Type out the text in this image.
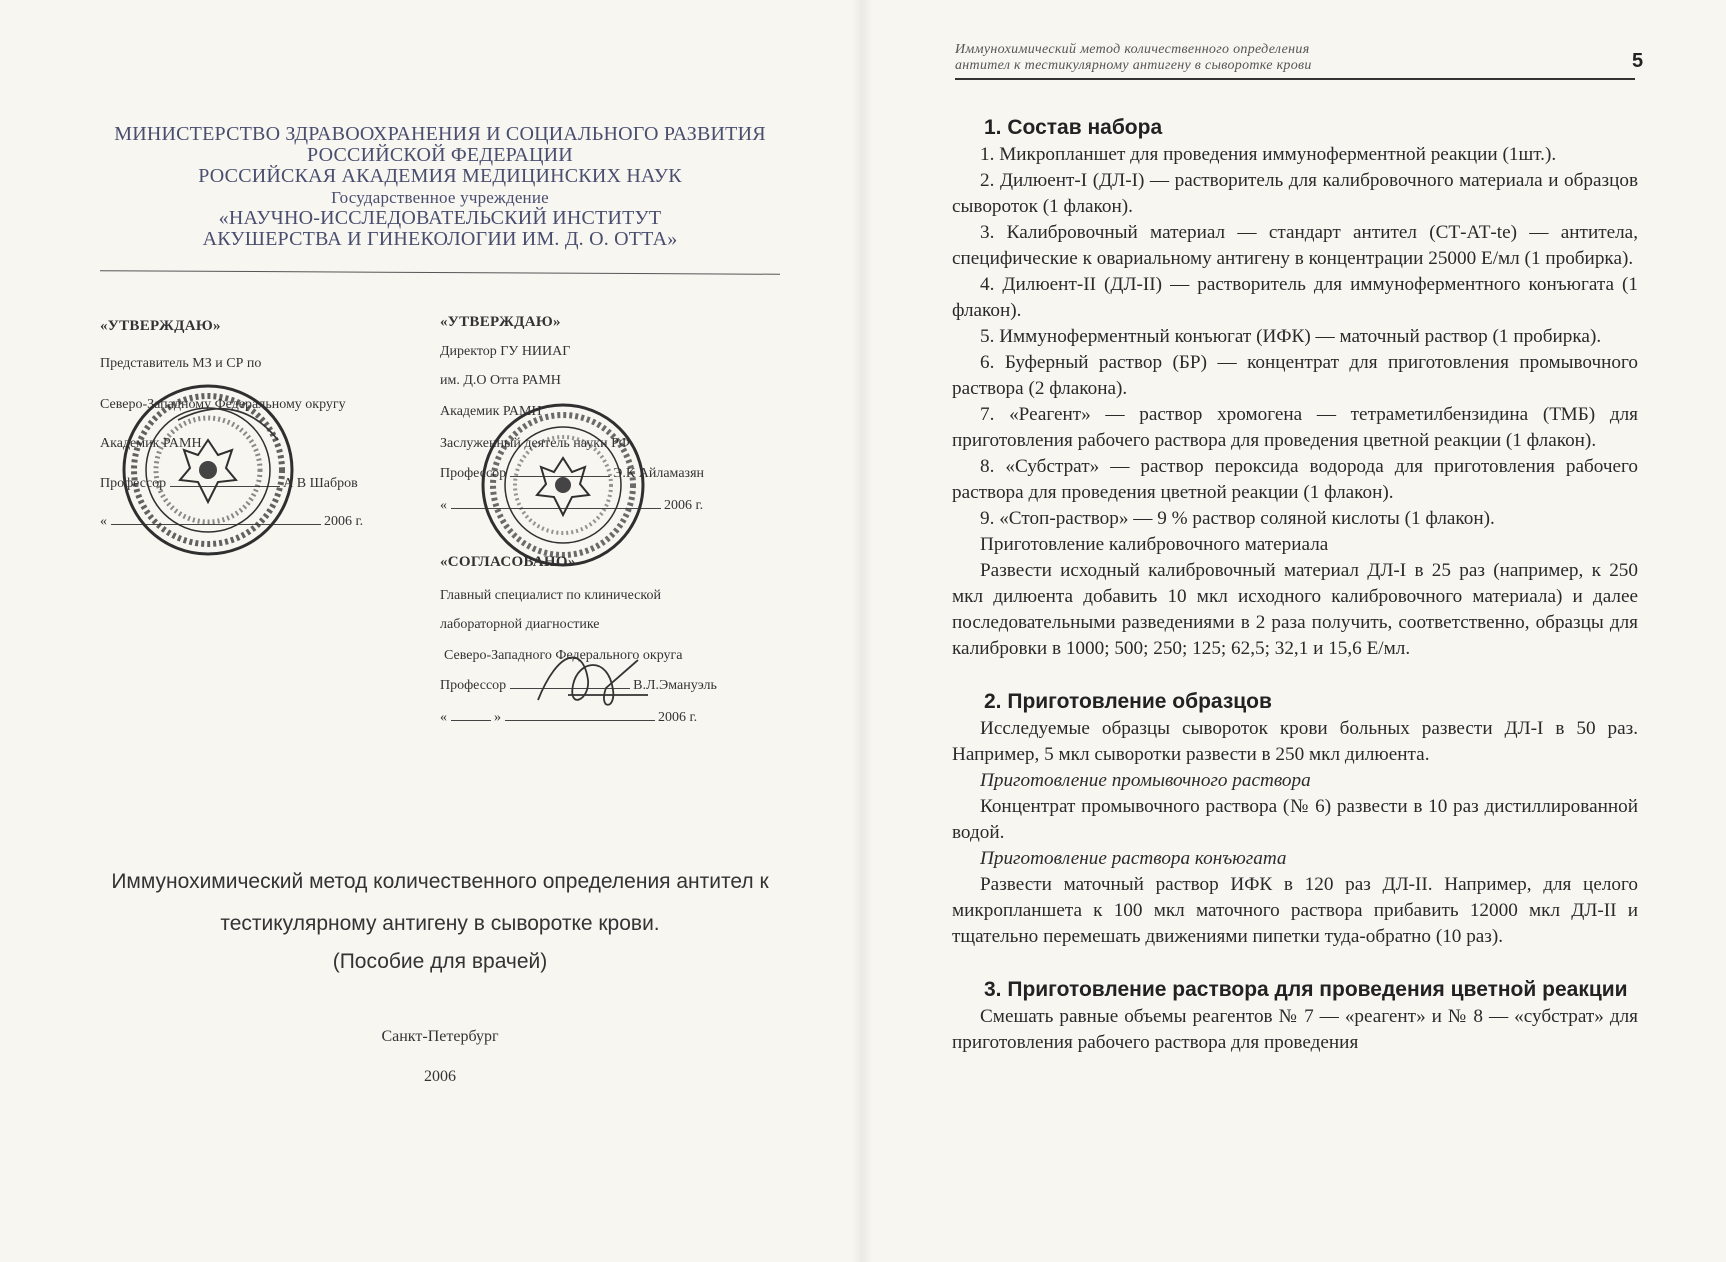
МИНИСТЕРСТВО ЗДРАВООХРАНЕНИЯ И СОЦИАЛЬНОГО РАЗВИТИЯ
РОССИЙСКОЙ ФЕДЕРАЦИИ
РОССИЙСКАЯ АКАДЕМИЯ МЕДИЦИНСКИХ НАУК
Государственное учреждение
«НАУЧНО-ИССЛЕДОВАТЕЛЬСКИЙ ИНСТИТУТ
АКУШЕРСТВА И ГИНЕКОЛОГИИ ИМ. Д. О. ОТТА»
«УТВЕРЖДАЮ»
Представитель МЗ и СР по
Северо-Западному Федеральному округу
Академик РАМН
Профессор	А В Шабров
«	2006 г.
«УТВЕРЖДАЮ»
Директор ГУ НИИАГ
им. Д.О Отта РАМН
Академик РАМН
Заслуженный деятель науки РФ
Профессор	Э.К Айламазян
«	2006 г.
«СОГЛАСОВАНО»
Главный специалист по клинической
лабораторной диагностике
Северо-Западного Федерального округа
Профессор	В.Л.Эмануэль
«	»	2006 г.
Иммунохимический метод количественного определения антител к
тестикулярному антигену в сыворотке крови.
(Пособие для врачей)
Санкт-Петербург
2006
Иммунохимический метод количественного определения
антител к тестикулярному антигену в сыворотке крови	5
1. Состав набора

1. Микропланшет для проведения иммуноферментной реакции (1шт.).

2. Дилюент-I (ДЛ-I) — растворитель для калибровочного материала и образцов сывороток (1 флакон).

3. Калибровочный материал — стандарт антител (СТ-АТ-te) — антитела, специфические к овариальному антигену в концентрации 25000 Е/мл (1 пробирка).

4. Дилюент-II (ДЛ-II) — растворитель для иммуноферментного конъюгата (1 флакон).

5. Иммуноферментный конъюгат (ИФК) — маточный раствор (1 пробирка).

6. Буферный раствор (БР) — концентрат для приготовления промывочного раствора (2 флакона).

7. «Реагент» — раствор хромогена — тетраметилбензидина (ТМБ) для приготовления рабочего раствора для проведения цветной реакции (1 флакон).

8. «Субстрат» — раствор пероксида водорода для приготовления рабочего раствора для проведения цветной реакции (1 флакон).

9. «Стоп-раствор» — 9 % раствор соляной кислоты (1 флакон).

Приготовление калибровочного материала

Развести исходный калибровочный материал ДЛ-I в 25 раз (например, к 250 мкл дилюента добавить 10 мкл исходного калибровочного материала) и далее последовательными разведениями в 2 раза получить, соответственно, образцы для калибровки в 1000; 500; 250; 125; 62,5; 32,1 и 15,6 Е/мл.

2. Приготовление образцов

Исследуемые образцы сывороток крови больных развести ДЛ-I в 50 раз. Например, 5 мкл сыворотки развести в 250 мкл дилюента.

Приготовление промывочного раствора

Концентрат промывочного раствора (№ 6) развести в 10 раз дистиллированной водой.

Приготовление раствора конъюгата

Развести маточный раствор ИФК в 120 раз ДЛ-II. Например, для целого микропланшета к 100 мкл маточного раствора прибавить 12000 мкл ДЛ-II и тщательно перемешать движениями пипетки туда-обратно (10 раз).

3. Приготовление раствора для проведения цветной реакции

Смешать равные объемы реагентов № 7 — «реагент» и № 8 — «субстрат» для приготовления рабочего раствора для проведения
